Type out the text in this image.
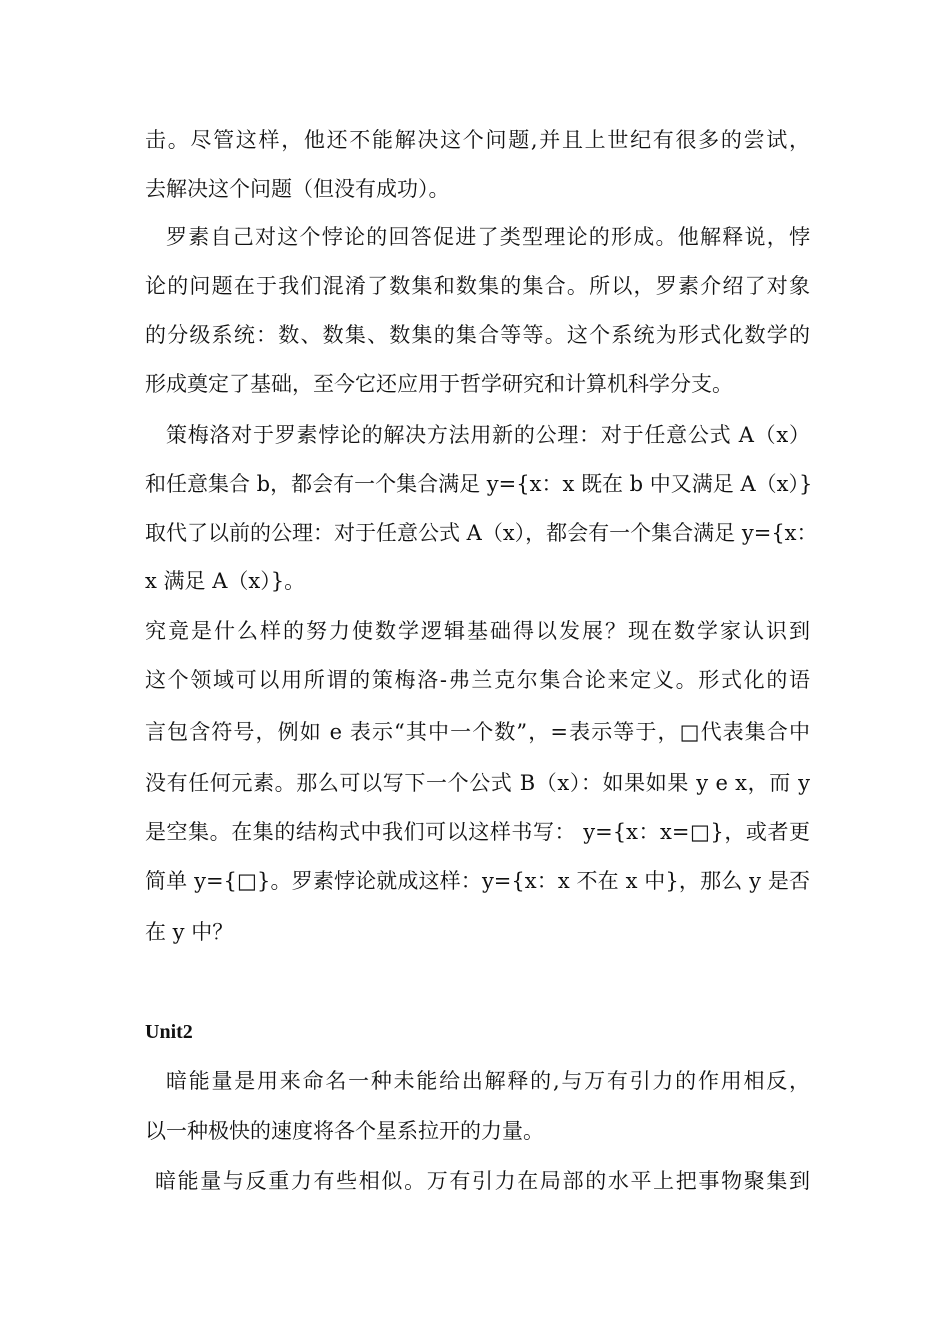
击。尽管这样，他还不能解决这个问题,并且上世纪有很多的尝试，
去解决这个问题（但没有成功）。
罗素自己对这个悖论的回答促进了类型理论的形成。他解释说，悖
论的问题在于我们混淆了数集和数集的集合。所以，罗素介绍了对象
的分级系统：数、数集、数集的集合等等。这个系统为形式化数学的
形成奠定了基础，至今它还应用于哲学研究和计算机科学分支。
策梅洛对于罗素悖论的解决方法用新的公理：对于任意公式 A（x）
和任意集合 b，都会有一个集合满足 y={x：x 既在 b 中又满足 A（x）}
取代了以前的公理：对于任意公式 A（x），都会有一个集合满足 y={x：
x 满足 A（x）}。
究竟是什么样的努力使数学逻辑基础得以发展？现在数学家认识到
这个领域可以用所谓的策梅洛-弗兰克尔集合论来定义。形式化的语
言包含符号，例如 e 表示“其中一个数”，=表示等于，□代表集合中
没有任何元素。那么可以写下一个公式 B（x）：如果如果 y e x，而 y
是空集。在集的结构式中我们可以这样书写： y={x：x=□}，或者更
简单 y={□}。罗素悖论就成这样：y={x：x 不在 x 中}，那么 y 是否
在 y 中？
Unit2
暗能量是用来命名一种未能给出解释的,与万有引力的作用相反，
以一种极快的速度将各个星系拉开的力量。
暗能量与反重力有些相似。万有引力在局部的水平上把事物聚集到
